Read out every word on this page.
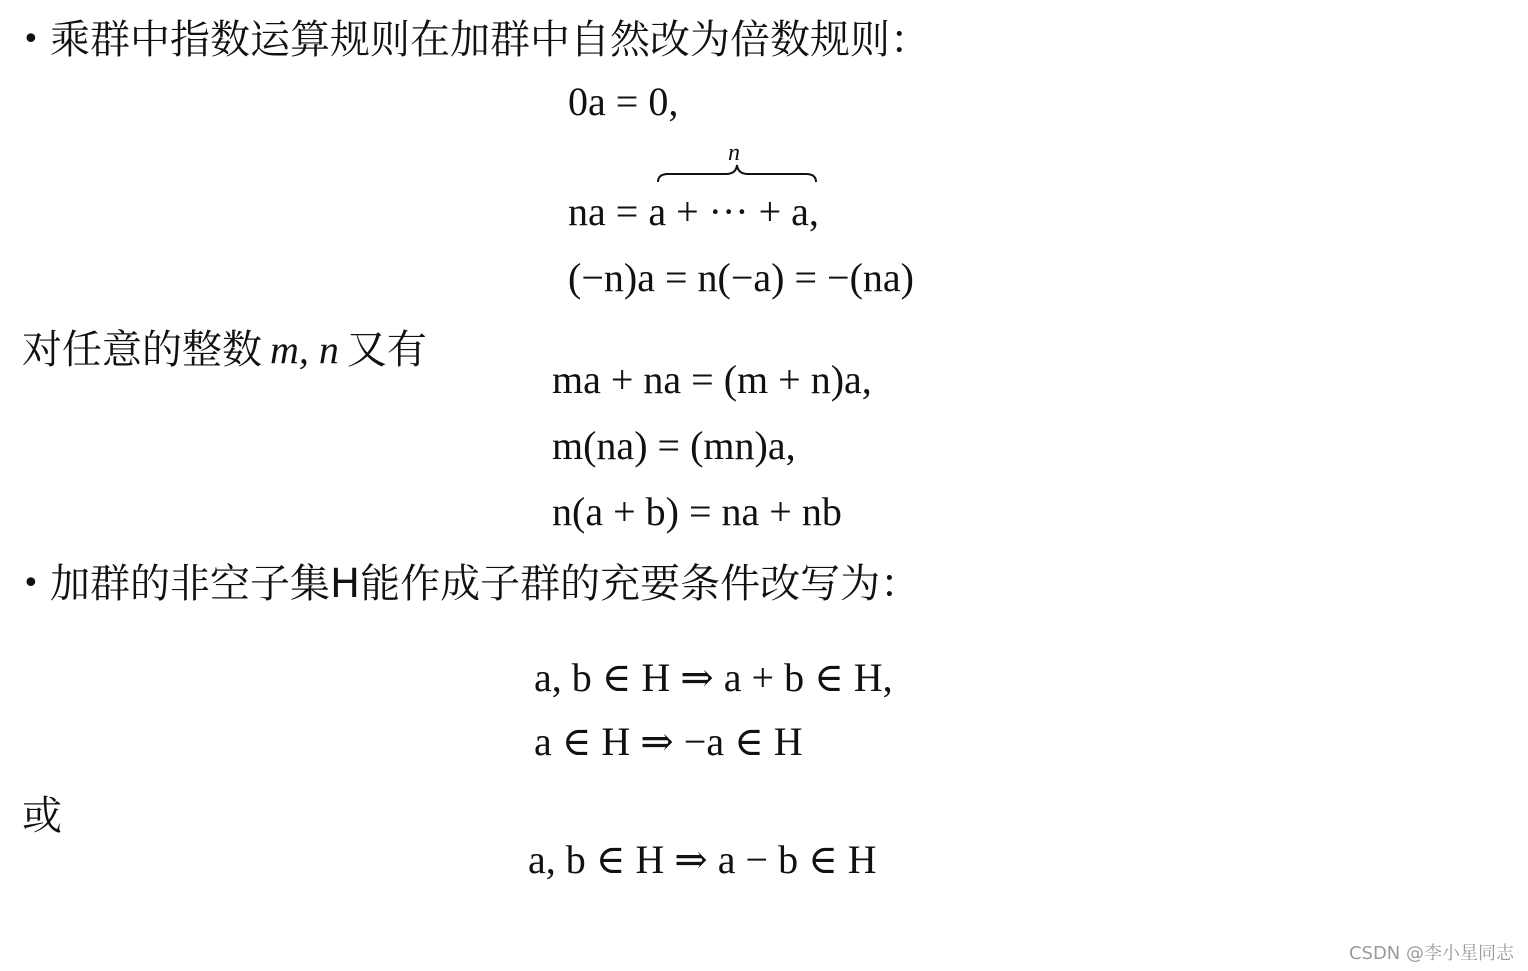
• 乘群中指数运算规则在加群中自然改为倍数规则：
0a = 0,
n
na = a + ··· + a,
(−n)a = n(−a) = −(na)
对任意的整数 m, n 又有
ma + na = (m + n)a,
m(na) = (mn)a,
n(a + b) = na + nb
• 加群的非空子集H能作成子群的充要条件改写为：
a, b ∈ H ⇒ a + b ∈ H,
a ∈ H ⇒ −a ∈ H
或
a, b ∈ H ⇒ a − b ∈ H
CSDN @李小星同志
